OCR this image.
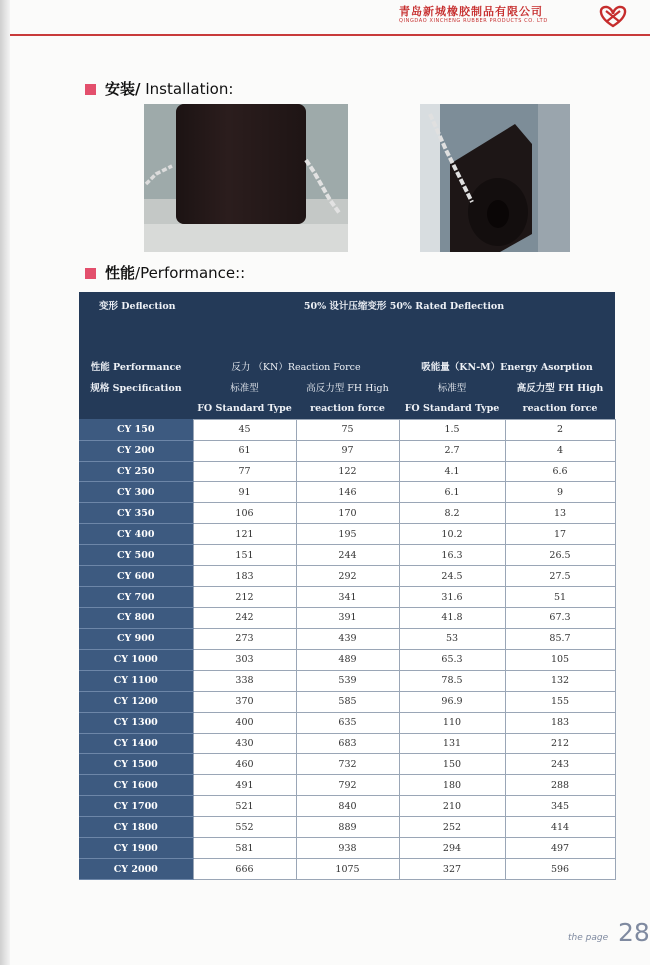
青岛新城橡胶制品有限公司
QINGDAO XINCHENG RUBBER PRODUCTS CO. LTD
安装/ Installation:
性能/Performance::
变形 Deflection	50% 设计压缩变形 50% Rated Deflection			
性能 Performance	反力 （KN）Reaction Force		吸能量（KN-M）Energy Asorption	
规格 Specification	标准型	高反力型 FH High	标准型	高反力型 FH High
	FO Standard Type	reaction force	FO Standard Type	reaction force
CY 150	45	75	1.5	2
CY 200	61	97	2.7	4
CY 250	77	122	4.1	6.6
CY 300	91	146	6.1	9
CY 350	106	170	8.2	13
CY 400	121	195	10.2	17
CY 500	151	244	16.3	26.5
CY 600	183	292	24.5	27.5
CY 700	212	341	31.6	51
CY 800	242	391	41.8	67.3
CY 900	273	439	53	85.7
CY 1000	303	489	65.3	105
CY 1100	338	539	78.5	132
CY 1200	370	585	96.9	155
CY 1300	400	635	110	183
CY 1400	430	683	131	212
CY 1500	460	732	150	243
CY 1600	491	792	180	288
CY 1700	521	840	210	345
CY 1800	552	889	252	414
CY 1900	581	938	294	497
CY 2000	666	1075	327	596
the page 28
